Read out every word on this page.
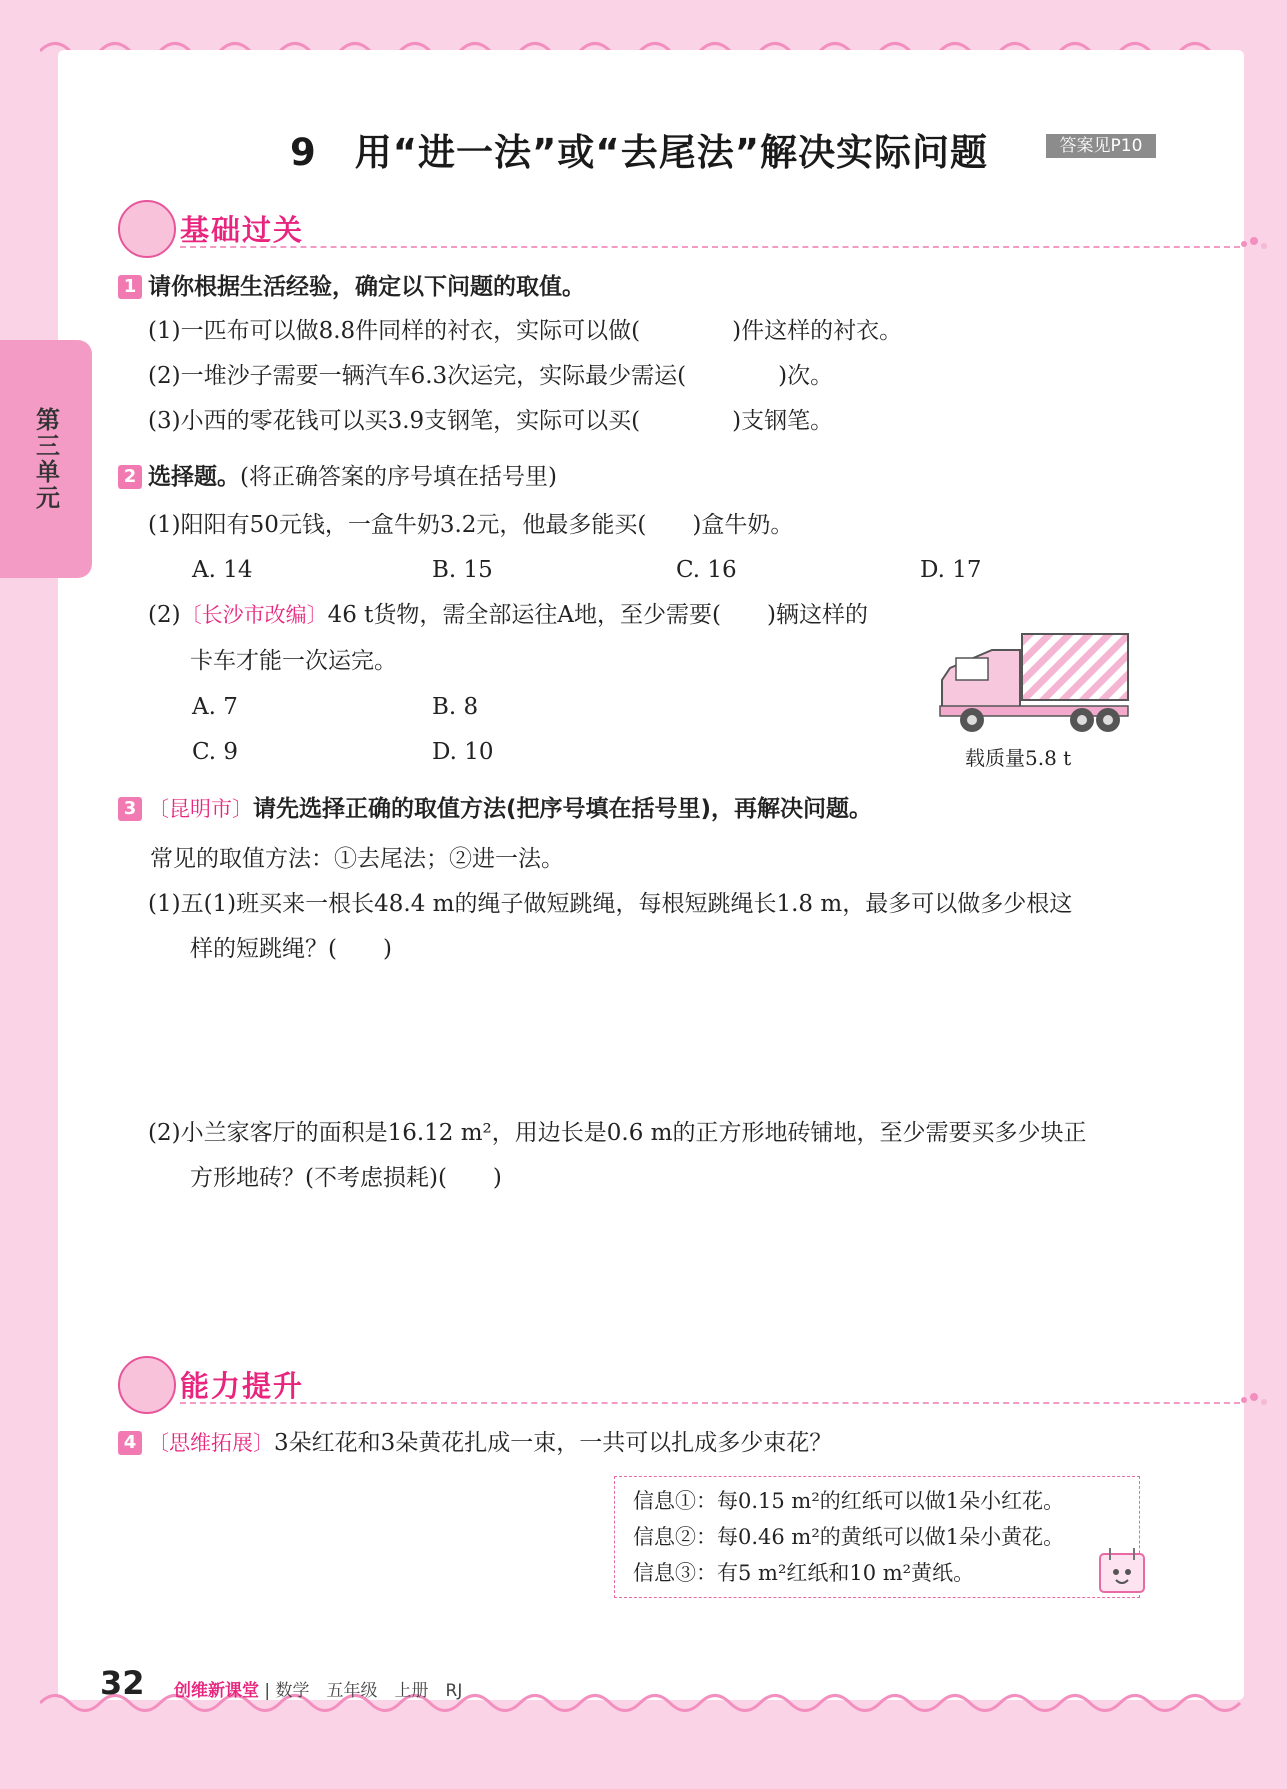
第三单元
9　用“进一法”或“去尾法”解决实际问题	答案见P10
基础过关
1 请你根据生活经验，确定以下问题的取值。
(1)一匹布可以做8.8件同样的衬衣，实际可以做(　　　　)件这样的衬衣。
(2)一堆沙子需要一辆汽车6.3次运完，实际最少需运(　　　　)次。
(3)小西的零花钱可以买3.9支钢笔，实际可以买(　　　　)支钢笔。
2 选择题。(将正确答案的序号填在括号里)
(1)阳阳有50元钱，一盒牛奶3.2元，他最多能买(　　)盒牛奶。
A. 14	B. 15	C. 16	D. 17
(2)〔长沙市改编〕46 t货物，需全部运往A地，至少需要(　　)辆这样的
卡车才能一次运完。
A. 7	B. 8
C. 9	D. 10	载质量5.8 t
3 〔昆明市〕请先选择正确的取值方法(把序号填在括号里)，再解决问题。
常见的取值方法：①去尾法；②进一法。
(1)五(1)班买来一根长48.4 m的绳子做短跳绳，每根短跳绳长1.8 m，最多可以做多少根这
样的短跳绳？(　　)
(2)小兰家客厅的面积是16.12 m²，用边长是0.6 m的正方形地砖铺地，至少需要买多少块正
方形地砖？(不考虑损耗)(　　)
能力提升
4 〔思维拓展〕3朵红花和3朵黄花扎成一束，一共可以扎成多少束花？
信息①：每0.15 m²的红纸可以做1朵小红花。
信息②：每0.46 m²的黄纸可以做1朵小黄花。
信息③：有5 m²红纸和10 m²黄纸。
32 创维新课堂 | 数学　五年级　上册　RJ
